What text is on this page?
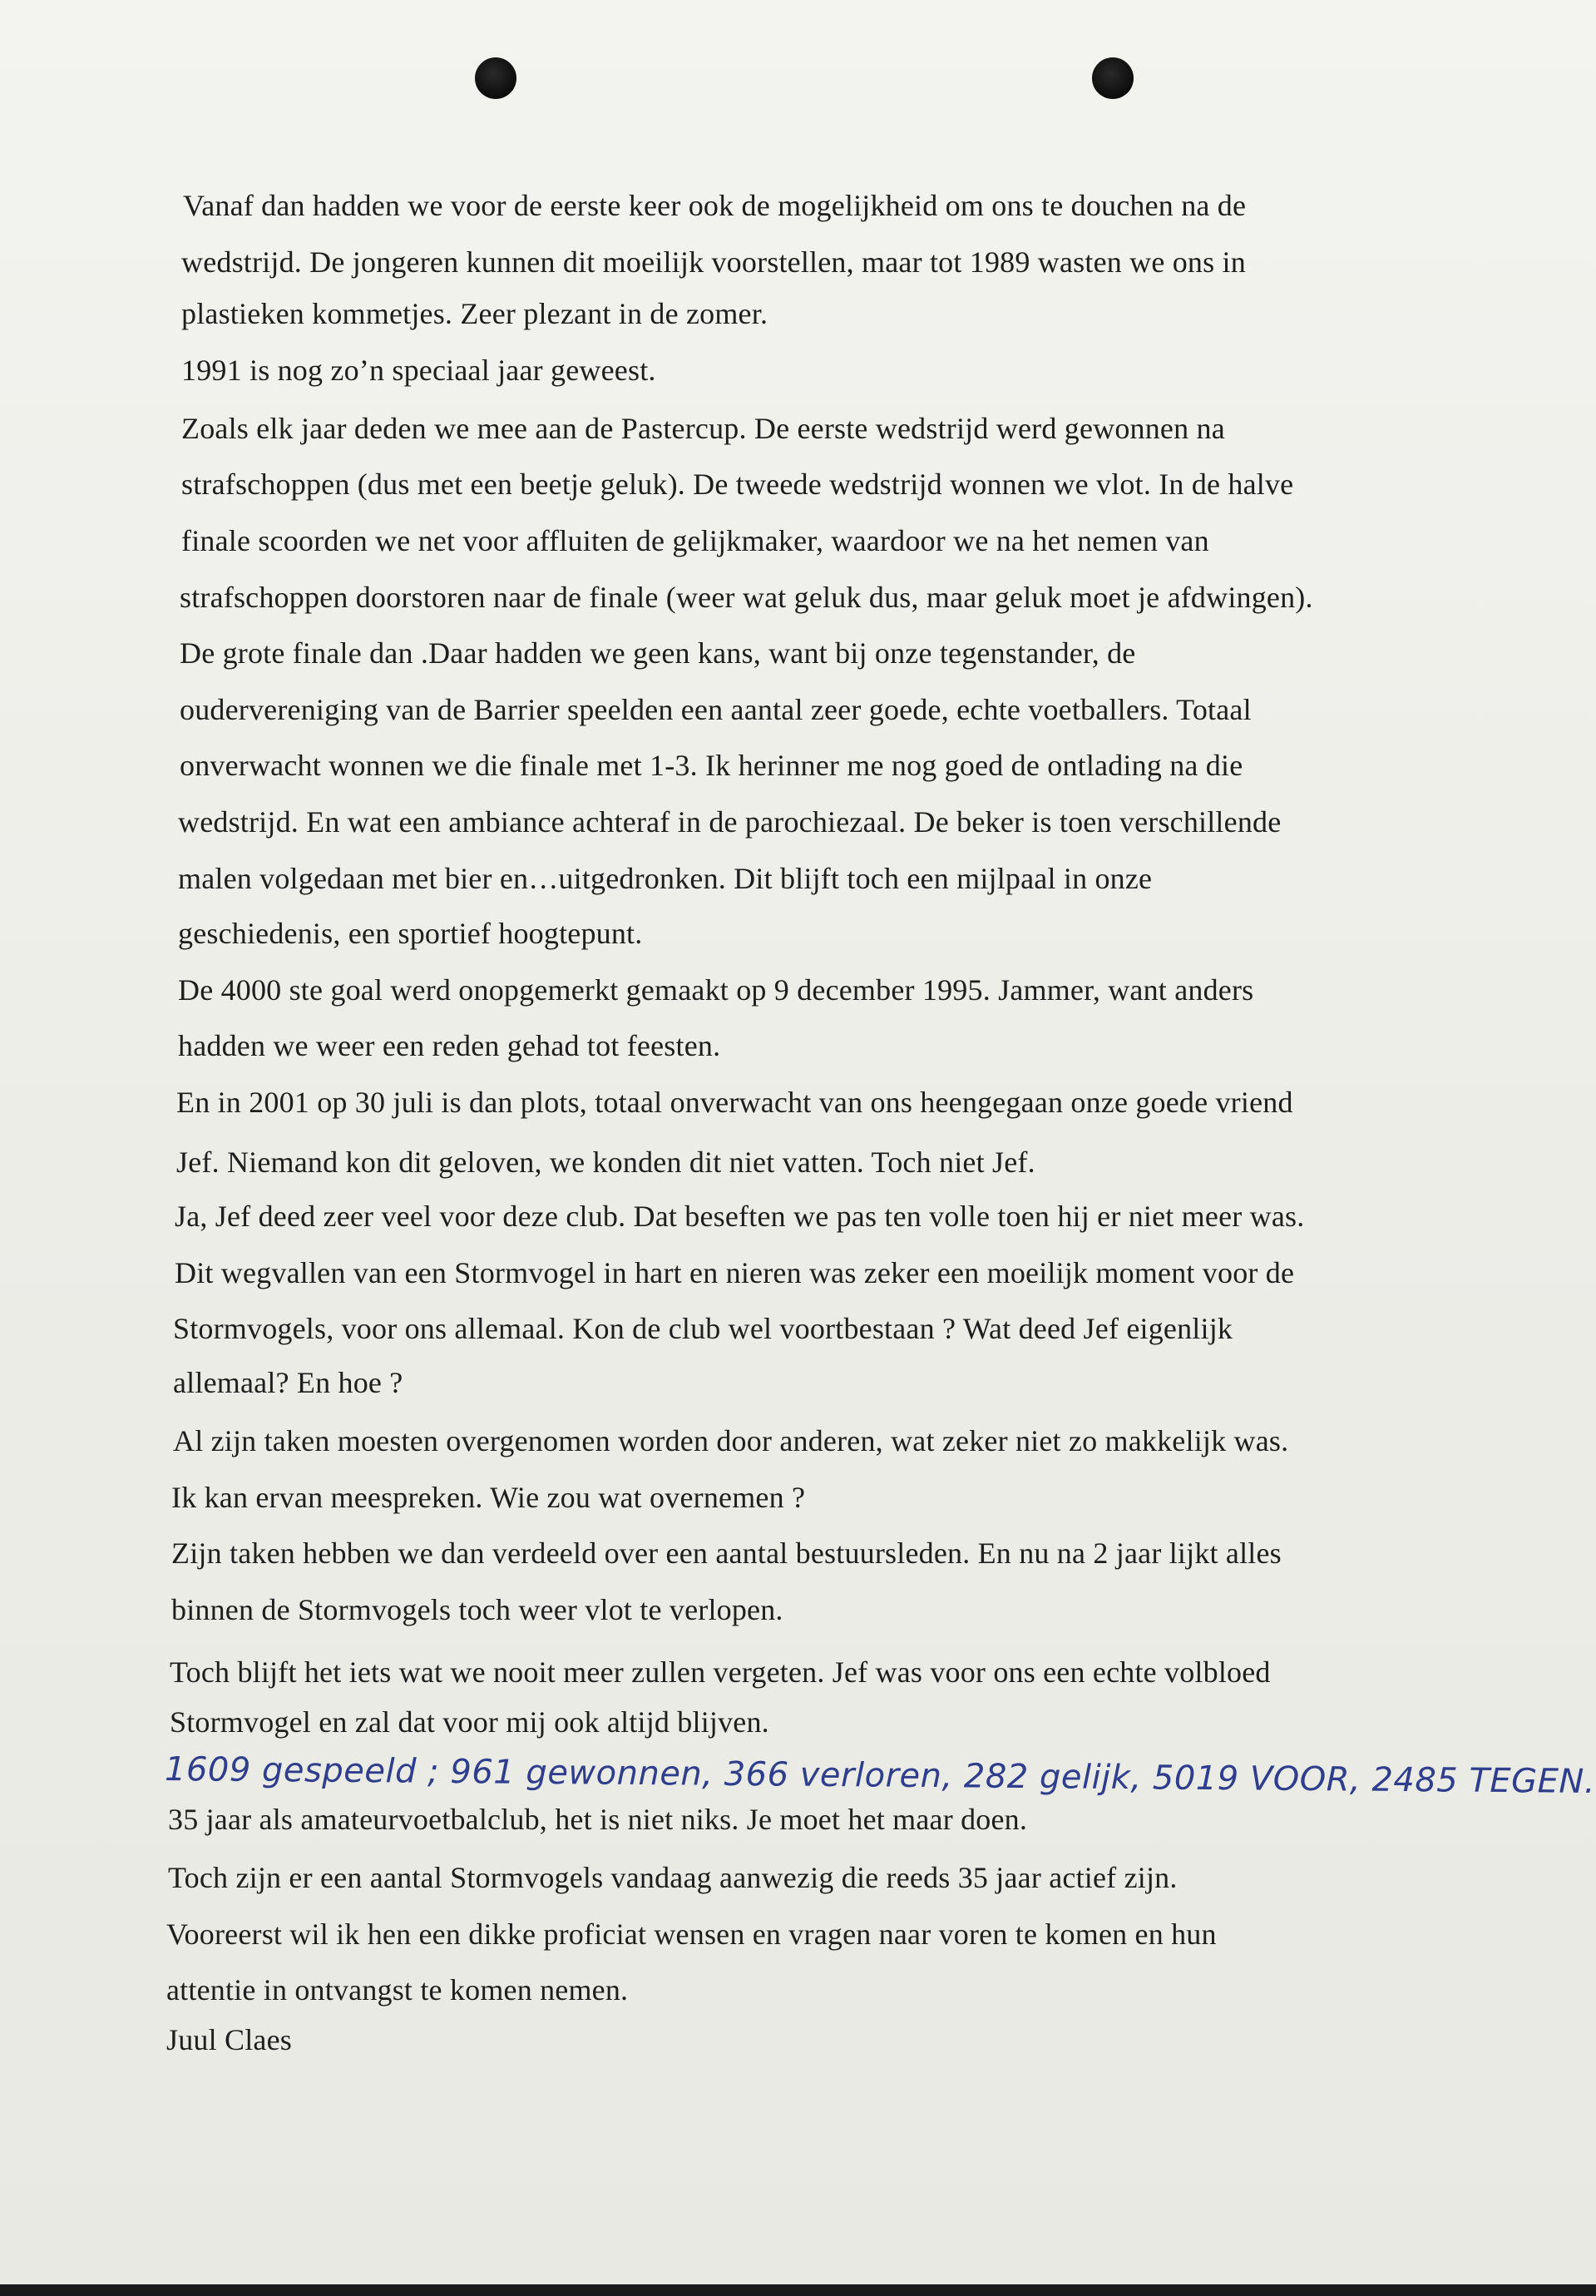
Vanaf dan hadden we voor de eerste keer ook de mogelijkheid om ons te douchen na de
wedstrijd. De jongeren kunnen dit moeilijk voorstellen, maar tot 1989 wasten we ons in
plastieken kommetjes. Zeer plezant in de zomer.
1991 is nog zo’n speciaal jaar geweest.
Zoals elk jaar deden we mee aan de Pastercup. De eerste wedstrijd werd gewonnen na
strafschoppen (dus met een beetje geluk). De tweede wedstrijd wonnen we vlot. In de halve
finale scoorden we net voor affluiten de gelijkmaker, waardoor we na het nemen van
strafschoppen doorstoren naar de finale (weer wat geluk dus, maar geluk moet je afdwingen).
De grote finale dan .Daar hadden we geen kans, want bij onze tegenstander, de
oudervereniging van de Barrier speelden een aantal zeer goede, echte voetballers. Totaal
onverwacht wonnen we die finale met 1-3. Ik herinner me nog goed de ontlading na die
wedstrijd. En wat een ambiance achteraf in de parochiezaal. De beker is toen verschillende
malen volgedaan met bier en…uitgedronken. Dit blijft toch een mijlpaal in onze
geschiedenis, een sportief hoogtepunt.
De 4000 ste goal werd onopgemerkt gemaakt op 9 december 1995. Jammer, want anders
hadden we weer een reden gehad tot feesten.
En in 2001 op 30 juli is dan plots, totaal onverwacht van ons heengegaan onze goede vriend
Jef. Niemand kon dit geloven, we konden dit niet vatten. Toch niet Jef.
Ja, Jef deed zeer veel voor deze club. Dat beseften we pas ten volle toen hij er niet meer was.
Dit wegvallen van een Stormvogel in hart en nieren was zeker een moeilijk moment voor de
Stormvogels, voor ons allemaal. Kon de club wel voortbestaan ? Wat deed Jef eigenlijk
allemaal? En hoe ?
Al zijn taken moesten overgenomen worden door anderen, wat zeker niet zo makkelijk was.
Ik kan ervan meespreken. Wie zou wat overnemen ?
Zijn taken hebben we dan verdeeld over een aantal bestuursleden. En nu na 2 jaar lijkt alles
binnen de Stormvogels toch weer vlot te verlopen.
Toch blijft het iets wat we nooit meer zullen vergeten. Jef was voor ons een echte volbloed
Stormvogel en zal dat voor mij ook altijd blijven.
1609 gespeeld ; 961 gewonnen, 366 verloren, 282 gelijk, 5019 VOOR, 2485 TEGEN.
35 jaar als amateurvoetbalclub, het is niet niks. Je moet het maar doen.
Toch zijn er een aantal Stormvogels vandaag aanwezig die reeds 35 jaar actief zijn.
Vooreerst wil ik hen een dikke proficiat wensen en vragen naar voren te komen en hun
attentie in ontvangst te komen nemen.
Juul Claes
